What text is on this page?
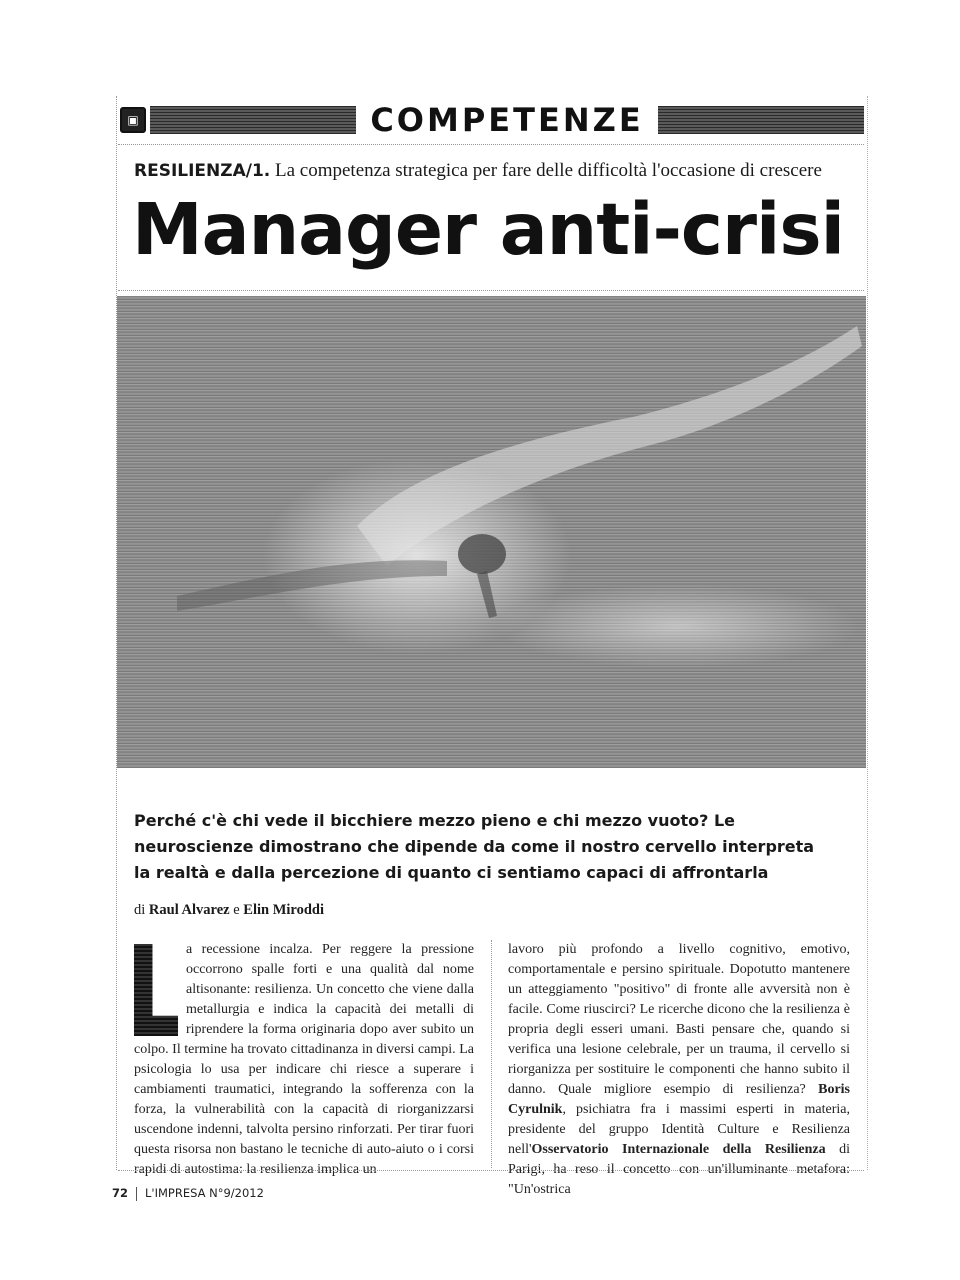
▣	COMPETENZE
RESILIENZA/1. La competenza strategica per fare delle difficoltà l'occasione di crescere
Manager anti-crisi
Perché c'è chi vede il bicchiere mezzo pieno e chi mezzo vuoto? Le neuroscienze dimostrano che dipende da come il nostro cervello interpreta la realtà e dalla percezione di quanto ci sentiamo capaci di affrontarla
di Raul Alvarez e Elin Miroddi
a recessione incalza. Per reggere la pressione occorrono spalle forti e una qualità dal nome altisonante: resilienza. Un concetto che viene dalla metallurgia e indica la capacità dei metalli di riprendere la forma originaria dopo aver subito un colpo. Il termine ha trovato cittadinanza in diversi campi. La psicologia lo usa per indicare chi riesce a superare i cambiamenti traumatici, integrando la sofferenza con la forza, la vulnerabilità con la capacità di riorganizzarsi uscendone indenni, talvolta persino rinforzati. Per tirar fuori questa risorsa non bastano le tecniche di auto-aiuto o i corsi rapidi di autostima: la resilienza implica un
lavoro più profondo a livello cognitivo, emotivo, comportamentale e persino spirituale. Dopotutto mantenere un atteggiamento "positivo" di fronte alle avversità non è facile. Come riuscirci? Le ricerche dicono che la resilienza è propria degli esseri umani. Basti pensare che, quando si verifica una lesione celebrale, per un trauma, il cervello si riorganizza per sostituire le componenti che hanno subito il danno. Quale migliore esempio di resilienza? Boris Cyrulnik, psichiatra fra i massimi esperti in materia, presidente del gruppo Identità Culture e Resilienza nell'Osservatorio Internazionale della Resilienza di Parigi, ha reso il concetto con un'illuminante metafora: "Un'ostrica
72 L'IMPRESA N°9/2012
